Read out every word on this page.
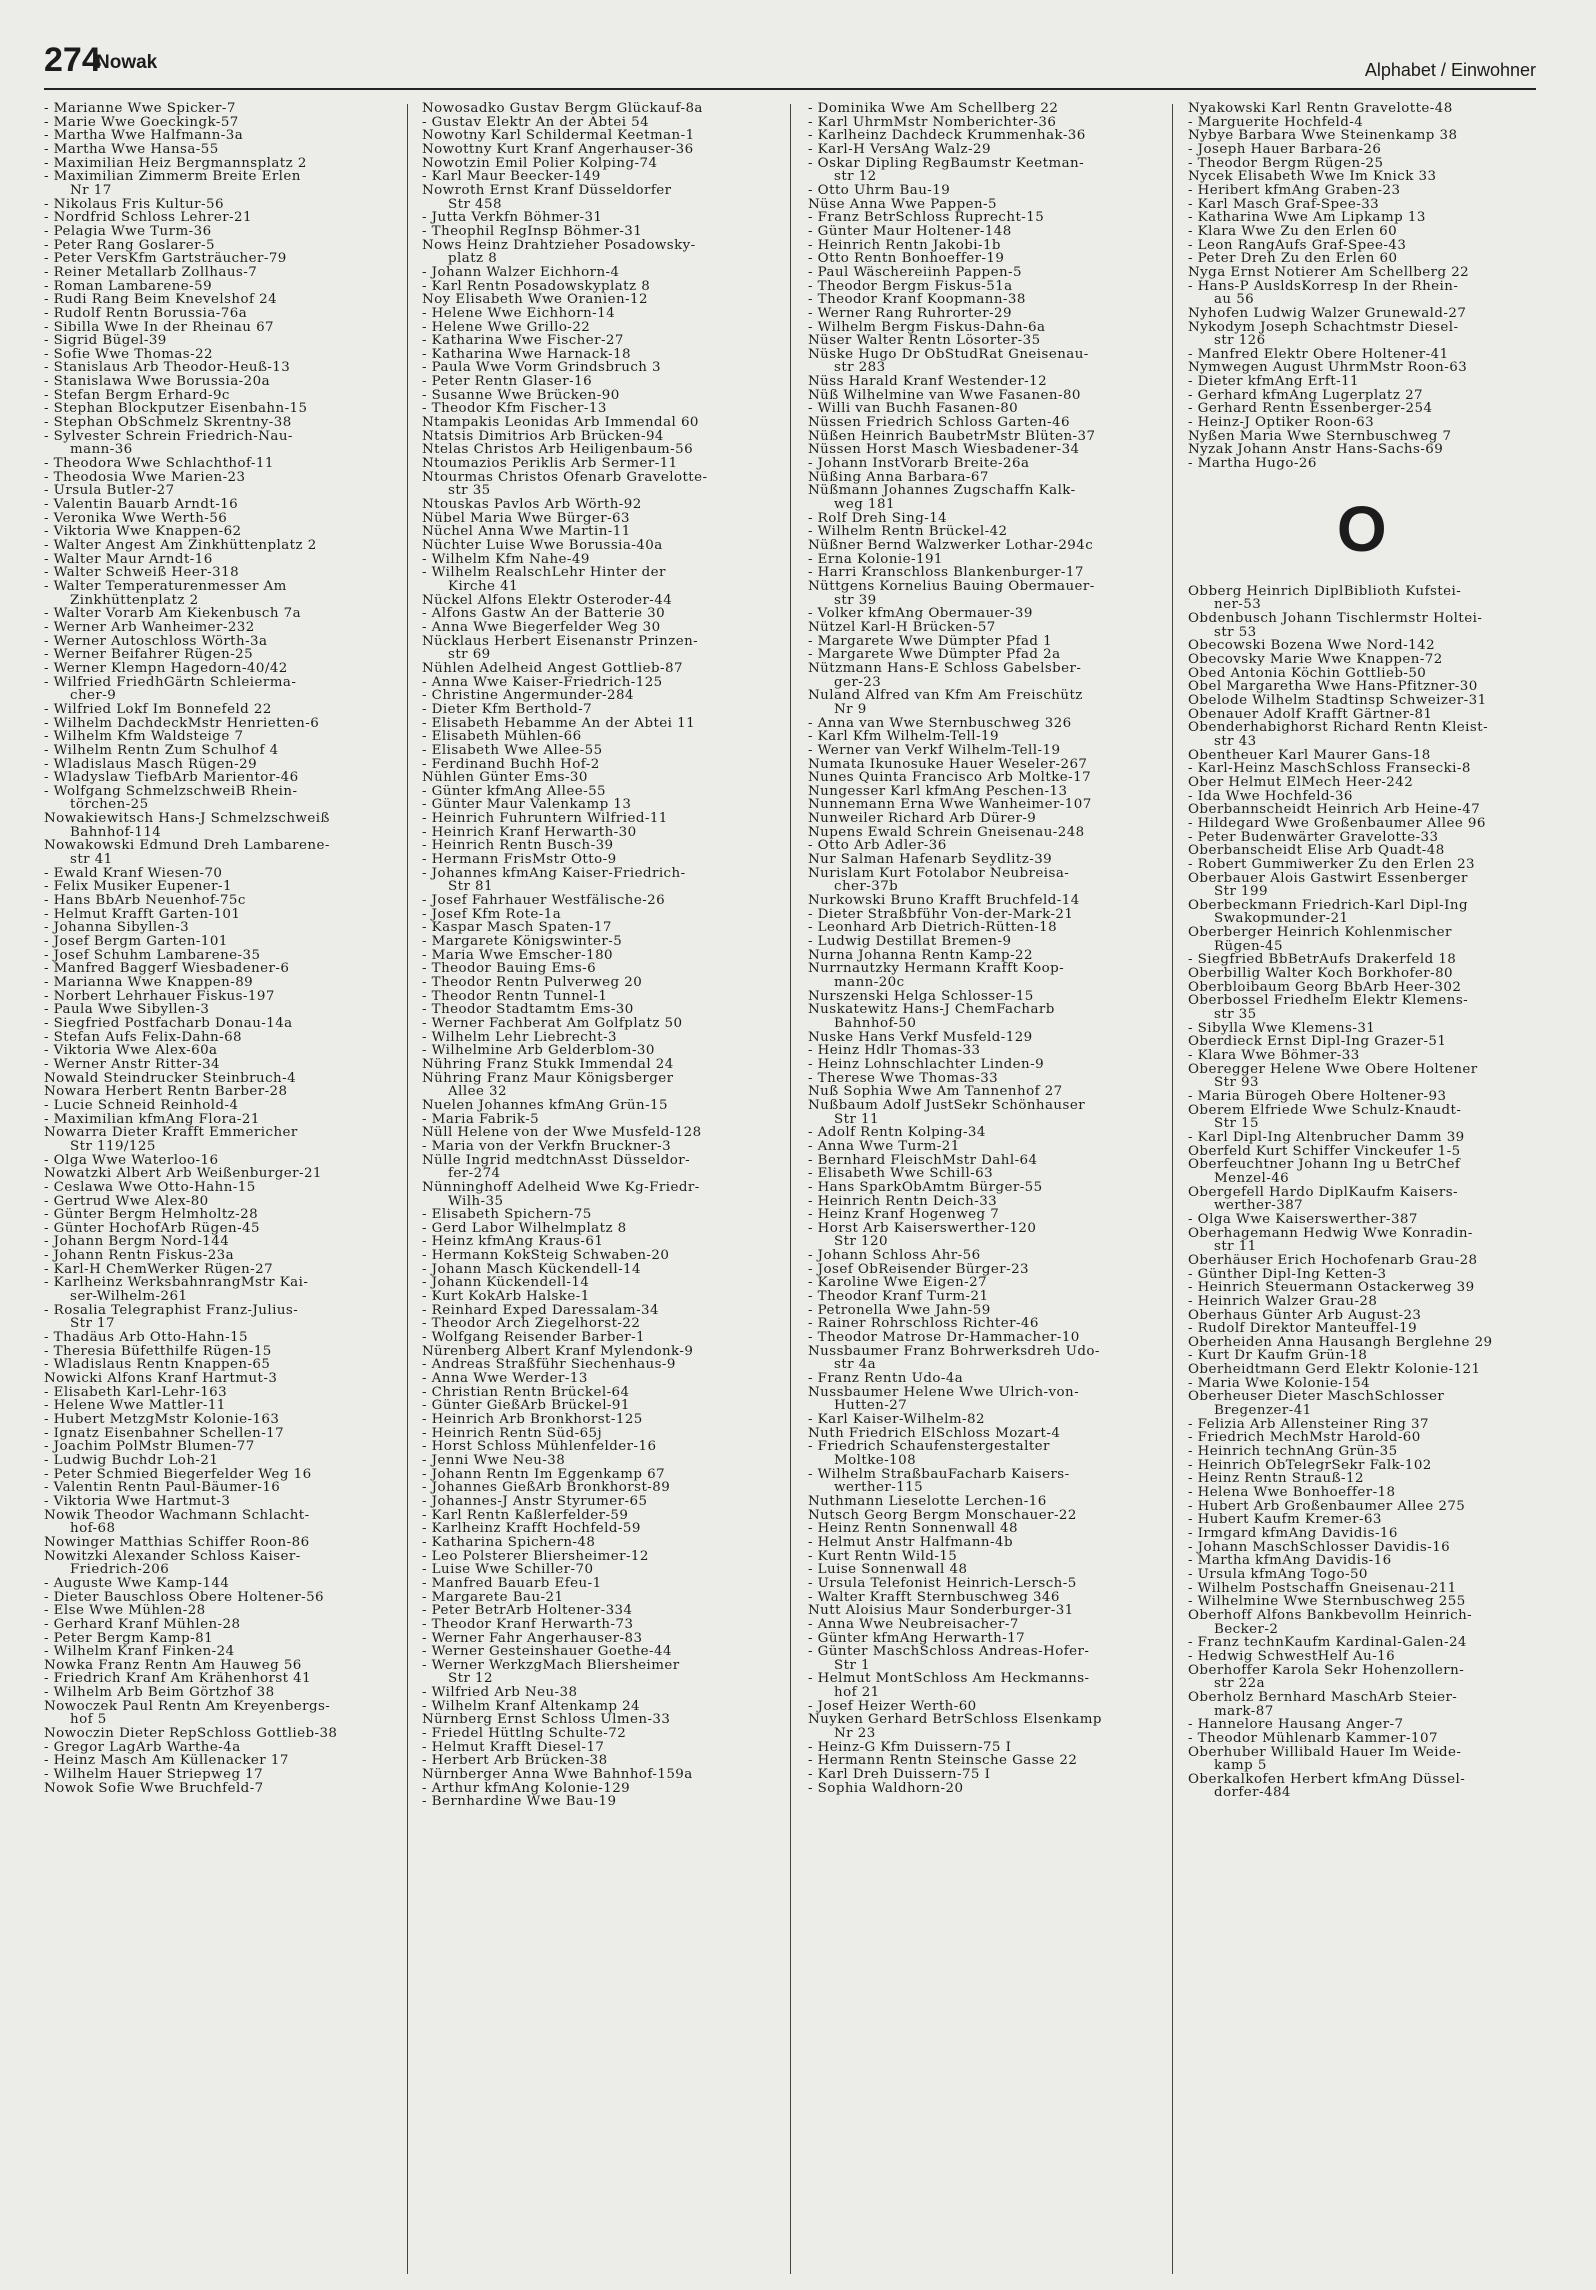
274
Nowak	Alphabet / Einwohner
- Marianne Wwe Spicker-7
- Marie Wwe Goeckingk-57
- Martha Wwe Halfmann-3a
- Martha Wwe Hansa-55
- Maximilian Heiz Bergmannsplatz 2
- Maximilian Zimmerm Breite Erlen
Nr 17
- Nikolaus Fris Kultur-56
- Nordfrid Schloss Lehrer-21
- Pelagia Wwe Turm-36
- Peter Rang Goslarer-5
- Peter VersKfm Gartsträucher-79
- Reiner Metallarb Zollhaus-7
- Roman Lambarene-59
- Rudi Rang Beim Knevelshof 24
- Rudolf Rentn Borussia-76a
- Sibilla Wwe In der Rheinau 67
- Sigrid Bügel-39
- Sofie Wwe Thomas-22
- Stanislaus Arb Theodor-Heuß-13
- Stanislawa Wwe Borussia-20a
- Stefan Bergm Erhard-9c
- Stephan Blockputzer Eisenbahn-15
- Stephan ObSchmelz Skrentny-38
- Sylvester Schrein Friedrich-Nau-
mann-36
- Theodora Wwe Schlachthof-11
- Theodosia Wwe Marien-23
- Ursula Butler-27
- Valentin Bauarb Arndt-16
- Veronika Wwe Werth-56
- Viktoria Wwe Knappen-62
- Walter Angest Am Zinkhüttenplatz 2
- Walter Maur Arndt-16
- Walter Schweiß Heer-318
- Walter Temperaturenmesser Am
Zinkhüttenplatz 2
- Walter Vorarb Am Kiekenbusch 7a
- Werner Arb Wanheimer-232
- Werner Autoschloss Wörth-3a
- Werner Beifahrer Rügen-25
- Werner Klempn Hagedorn-40/42
- Wilfried FriedhGärtn Schleierma-
cher-9
- Wilfried Lokf Im Bonnefeld 22
- Wilhelm DachdeckMstr Henrietten-6
- Wilhelm Kfm Waldsteige 7
- Wilhelm Rentn Zum Schulhof 4
- Wladislaus Masch Rügen-29
- Wladyslaw TiefbArb Marientor-46
- Wolfgang SchmelzschweiB Rhein-
törchen-25
Nowakiewitsch Hans-J Schmelzschweiß
Bahnhof-114
Nowakowski Edmund Dreh Lambarene-
str 41
- Ewald Kranf Wiesen-70
- Felix Musiker Eupener-1
- Hans BbArb Neuenhof-75c
- Helmut Krafft Garten-101
- Johanna Sibyllen-3
- Josef Bergm Garten-101
- Josef Schuhm Lambarene-35
- Manfred Baggerf Wiesbadener-6
- Marianna Wwe Knappen-89
- Norbert Lehrhauer Fiskus-197
- Paula Wwe Sibyllen-3
- Siegfried Postfacharb Donau-14a
- Stefan Aufs Felix-Dahn-68
- Viktoria Wwe Alex-60a
- Werner Anstr Ritter-34
Nowald Steindrucker Steinbruch-4
Nowara Herbert Rentn Barber-28
- Lucie Schneid Reinhold-4
- Maximilian kfmAng Flora-21
Nowarra Dieter Krafft Emmericher
Str 119/125
- Olga Wwe Waterloo-16
Nowatzki Albert Arb Weißenburger-21
- Ceslawa Wwe Otto-Hahn-15
- Gertrud Wwe Alex-80
- Günter Bergm Helmholtz-28
- Günter HochofArb Rügen-45
- Johann Bergm Nord-144
- Johann Rentn Fiskus-23a
- Karl-H ChemWerker Rügen-27
- Karlheinz WerksbahnrangMstr Kai-
ser-Wilhelm-261
- Rosalia Telegraphist Franz-Julius-
Str 17
- Thadäus Arb Otto-Hahn-15
- Theresia Büfetthilfe Rügen-15
- Wladislaus Rentn Knappen-65
Nowicki Alfons Kranf Hartmut-3
- Elisabeth Karl-Lehr-163
- Helene Wwe Mattler-11
- Hubert MetzgMstr Kolonie-163
- Ignatz Eisenbahner Schellen-17
- Joachim PolMstr Blumen-77
- Ludwig Buchdr Loh-21
- Peter Schmied Biegerfelder Weg 16
- Valentin Rentn Paul-Bäumer-16
- Viktoria Wwe Hartmut-3
Nowik Theodor Wachmann Schlacht-
hof-68
Nowinger Matthias Schiffer Roon-86
Nowitzki Alexander Schloss Kaiser-
Friedrich-206
- Auguste Wwe Kamp-144
- Dieter Bauschloss Obere Holtener-56
- Else Wwe Mühlen-28
- Gerhard Kranf Mühlen-28
- Peter Bergm Kamp-81
- Wilhelm Kranf Finken-24
Nowka Franz Rentn Am Hauweg 56
- Friedrich Kranf Am Krähenhorst 41
- Wilhelm Arb Beim Görtzhof 38
Nowoczek Paul Rentn Am Kreyenbergs-
hof 5
Nowoczin Dieter RepSchloss Gottlieb-38
- Gregor LagArb Warthe-4a
- Heinz Masch Am Küllenacker 17
- Wilhelm Hauer Striepweg 17
Nowok Sofie Wwe Bruchfeld-7
Nowosadko Gustav Bergm Glückauf-8a
- Gustav Elektr An der Abtei 54
Nowotny Karl Schildermal Keetman-1
Nowottny Kurt Kranf Angerhauser-36
Nowotzin Emil Polier Kolping-74
- Karl Maur Beecker-149
Nowroth Ernst Kranf Düsseldorfer
Str 458
- Jutta Verkfn Böhmer-31
- Theophil RegInsp Böhmer-31
Nows Heinz Drahtzieher Posadowsky-
platz 8
- Johann Walzer Eichhorn-4
- Karl Rentn Posadowskyplatz 8
Noy Elisabeth Wwe Oranien-12
- Helene Wwe Eichhorn-14
- Helene Wwe Grillo-22
- Katharina Wwe Fischer-27
- Katharina Wwe Harnack-18
- Paula Wwe Vorm Grindsbruch 3
- Peter Rentn Glaser-16
- Susanne Wwe Brücken-90
- Theodor Kfm Fischer-13
Ntampakis Leonidas Arb Immendal 60
Ntatsis Dimitrios Arb Brücken-94
Ntelas Christos Arb Heiligenbaum-56
Ntoumazios Periklis Arb Sermer-11
Ntourmas Christos Ofenarb Gravelotte-
str 35
Ntouskas Pavlos Arb Wörth-92
Nübel Maria Wwe Bürger-63
Nüchel Anna Wwe Martin-11
Nüchter Luise Wwe Borussia-40a
- Wilhelm Kfm Nahe-49
- Wilhelm RealschLehr Hinter der
Kirche 41
Nückel Alfons Elektr Osteroder-44
- Alfons Gastw An der Batterie 30
- Anna Wwe Biegerfelder Weg 30
Nücklaus Herbert Eisenanstr Prinzen-
str 69
Nühlen Adelheid Angest Gottlieb-87
- Anna Wwe Kaiser-Friedrich-125
- Christine Angermunder-284
- Dieter Kfm Berthold-7
- Elisabeth Hebamme An der Abtei 11
- Elisabeth Mühlen-66
- Elisabeth Wwe Allee-55
- Ferdinand Buchh Hof-2
Nühlen Günter Ems-30
- Günter kfmAng Allee-55
- Günter Maur Valenkamp 13
- Heinrich Fuhruntern Wilfried-11
- Heinrich Kranf Herwarth-30
- Heinrich Rentn Busch-39
- Hermann FrisMstr Otto-9
- Johannes kfmAng Kaiser-Friedrich-
Str 81
- Josef Fahrhauer Westfälische-26
- Josef Kfm Rote-1a
- Kaspar Masch Spaten-17
- Margarete Königswinter-5
- Maria Wwe Emscher-180
- Theodor Bauing Ems-6
- Theodor Rentn Pulverweg 20
- Theodor Rentn Tunnel-1
- Theodor Stadtamtm Ems-30
- Werner Fachberat Am Golfplatz 50
- Wilhelm Lehr Liebrecht-3
- Wilhelmine Arb Gelderblom-30
Nühring Franz Stukk Immendal 24
Nühring Franz Maur Königsberger
Allee 32
Nuelen Johannes kfmAng Grün-15
- Maria Fabrik-5
Nüll Helene von der Wwe Musfeld-128
- Maria von der Verkfn Bruckner-3
Nülle Ingrid medtchnAsst Düsseldor-
fer-274
Nünninghoff Adelheid Wwe Kg-Friedr-
Wilh-35
- Elisabeth Spichern-75
- Gerd Labor Wilhelmplatz 8
- Heinz kfmAng Kraus-61
- Hermann KokSteig Schwaben-20
- Johann Masch Kückendell-14
- Johann Kückendell-14
- Kurt KokArb Halske-1
- Reinhard Exped Daressalam-34
- Theodor Arch Ziegelhorst-22
- Wolfgang Reisender Barber-1
Nürenberg Albert Kranf Mylendonk-9
- Andreas Straßführ Siechenhaus-9
- Anna Wwe Werder-13
- Christian Rentn Brückel-64
- Günter GießArb Brückel-91
- Heinrich Arb Bronkhorst-125
- Heinrich Rentn Süd-65j
- Horst Schloss Mühlenfelder-16
- Jenni Wwe Neu-38
- Johann Rentn Im Eggenkamp 67
- Johannes GießArb Bronkhorst-89
- Johannes-J Anstr Styrumer-65
- Karl Rentn Kaßlerfelder-59
- Karlheinz Krafft Hochfeld-59
- Katharina Spichern-48
- Leo Polsterer Bliersheimer-12
- Luise Wwe Schiller-70
- Manfred Bauarb Efeu-1
- Margarete Bau-21
- Peter BetrArb Holtener-334
- Theodor Kranf Herwarth-73
- Werner Fahr Angerhauser-83
- Werner Gesteinshauer Goethe-44
- Werner WerkzgMach Bliersheimer
Str 12
- Wilfried Arb Neu-38
- Wilhelm Kranf Altenkamp 24
Nürnberg Ernst Schloss Ulmen-33
- Friedel Hüttlng Schulte-72
- Helmut Krafft Diesel-17
- Herbert Arb Brücken-38
Nürnberger Anna Wwe Bahnhof-159a
- Arthur kfmAng Kolonie-129
- Bernhardine Wwe Bau-19
- Dominika Wwe Am Schellberg 22
- Karl UhrmMstr Nomberichter-36
- Karlheinz Dachdeck Krummenhak-36
- Karl-H VersAng Walz-29
- Oskar Dipling RegBaumstr Keetman-
str 12
- Otto Uhrm Bau-19
Nüse Anna Wwe Pappen-5
- Franz BetrSchloss Ruprecht-15
- Günter Maur Holtener-148
- Heinrich Rentn Jakobi-1b
- Otto Rentn Bonhoeffer-19
- Paul Wäschereiinh Pappen-5
- Theodor Bergm Fiskus-51a
- Theodor Kranf Koopmann-38
- Werner Rang Ruhrorter-29
- Wilhelm Bergm Fiskus-Dahn-6a
Nüser Walter Rentn Lösorter-35
Nüske Hugo Dr ObStudRat Gneisenau-
str 283
Nüss Harald Kranf Westender-12
Nüß Wilhelmine van Wwe Fasanen-80
- Willi van Buchh Fasanen-80
Nüssen Friedrich Schloss Garten-46
Nüßen Heinrich BaubetrMstr Blüten-37
Nüssen Horst Masch Wiesbadener-34
- Johann InstVorarb Breite-26a
Nüßing Anna Barbara-67
Nüßmann Johannes Zugschaffn Kalk-
weg 181
- Rolf Dreh Sing-14
- Wilhelm Rentn Brückel-42
Nüßner Bernd Walzwerker Lothar-294c
- Erna Kolonie-191
- Harri Kranschloss Blankenburger-17
Nüttgens Kornelius Bauing Obermauer-
str 39
- Volker kfmAng Obermauer-39
Nützel Karl-H Brücken-57
- Margarete Wwe Dümpter Pfad 1
- Margarete Wwe Dümpter Pfad 2a
Nützmann Hans-E Schloss Gabelsber-
ger-23
Nuland Alfred van Kfm Am Freischütz
Nr 9
- Anna van Wwe Sternbuschweg 326
- Karl Kfm Wilhelm-Tell-19
- Werner van Verkf Wilhelm-Tell-19
Numata Ikunosuke Hauer Weseler-267
Nunes Quinta Francisco Arb Moltke-17
Nungesser Karl kfmAng Peschen-13
Nunnemann Erna Wwe Wanheimer-107
Nunweiler Richard Arb Dürer-9
Nupens Ewald Schrein Gneisenau-248
- Otto Arb Adler-36
Nur Salman Hafenarb Seydlitz-39
Nurislam Kurt Fotolabor Neubreisa-
cher-37b
Nurkowski Bruno Krafft Bruchfeld-14
- Dieter Straßbführ Von-der-Mark-21
- Leonhard Arb Dietrich-Rütten-18
- Ludwig Destillat Bremen-9
Nurna Johanna Rentn Kamp-22
Nurrnautzky Hermann Krafft Koop-
mann-20c
Nurszenski Helga Schlosser-15
Nuskatewitz Hans-J ChemFacharb
Bahnhof-50
Nuske Hans Verkf Musfeld-129
- Heinz Hdlr Thomas-33
- Heinz Lohnschlachter Linden-9
- Therese Wwe Thomas-33
Nuß Sophia Wwe Am Tannenhof 27
Nußbaum Adolf JustSekr Schönhauser
Str 11
- Adolf Rentn Kolping-34
- Anna Wwe Turm-21
- Bernhard FleischMstr Dahl-64
- Elisabeth Wwe Schill-63
- Hans SparkObAmtm Bürger-55
- Heinrich Rentn Deich-33
- Heinz Kranf Hogenweg 7
- Horst Arb Kaiserswerther-120
Str 120
- Johann Schloss Ahr-56
- Josef ObReisender Bürger-23
- Karoline Wwe Eigen-27
- Theodor Kranf Turm-21
- Petronella Wwe Jahn-59
- Rainer Rohrschloss Richter-46
- Theodor Matrose Dr-Hammacher-10
Nussbaumer Franz Bohrwerksdreh Udo-
str 4a
- Franz Rentn Udo-4a
Nussbaumer Helene Wwe Ulrich-von-
Hutten-27
- Karl Kaiser-Wilhelm-82
Nuth Friedrich ElSchloss Mozart-4
- Friedrich Schaufenstergestalter
Moltke-108
- Wilhelm StraßbauFacharb Kaisers-
werther-115
Nuthmann Lieselotte Lerchen-16
Nutsch Georg Bergm Monschauer-22
- Heinz Rentn Sonnenwall 48
- Helmut Anstr Halfmann-4b
- Kurt Rentn Wild-15
- Luise Sonnenwall 48
- Ursula Telefonist Heinrich-Lersch-5
- Walter Krafft Sternbuschweg 346
Nutt Aloisius Maur Sonderburger-31
- Anna Wwe Neubreisacher-7
- Günter kfmAng Herwarth-17
- Günter MaschSchloss Andreas-Hofer-
Str 1
- Helmut MontSchloss Am Heckmanns-
hof 21
- Josef Heizer Werth-60
Nuyken Gerhard BetrSchloss Elsenkamp
Nr 23
- Heinz-G Kfm Duissern-75 I
- Hermann Rentn Steinsche Gasse 22
- Karl Dreh Duissern-75 I
- Sophia Waldhorn-20
Nyakowski Karl Rentn Gravelotte-48
- Marguerite Hochfeld-4
Nybye Barbara Wwe Steinenkamp 38
- Joseph Hauer Barbara-26
- Theodor Bergm Rügen-25
Nycek Elisabeth Wwe Im Knick 33
- Heribert kfmAng Graben-23
- Karl Masch Graf-Spee-33
- Katharina Wwe Am Lipkamp 13
- Klara Wwe Zu den Erlen 60
- Leon RangAufs Graf-Spee-43
- Peter Dreh Zu den Erlen 60
Nyga Ernst Notierer Am Schellberg 22
- Hans-P AusldsKorresp In der Rhein-
au 56
Nyhofen Ludwig Walzer Grunewald-27
Nykodym Joseph Schachtmstr Diesel-
str 126
- Manfred Elektr Obere Holtener-41
Nymwegen August UhrmMstr Roon-63
- Dieter kfmAng Erft-11
- Gerhard kfmAng Lugerplatz 27
- Gerhard Rentn Essenberger-254
- Heinz-J Optiker Roon-63
Nyßen Maria Wwe Sternbuschweg 7
Nyzak Johann Anstr Hans-Sachs-69
- Martha Hugo-26
O
Obberg Heinrich DiplBiblioth Kufstei-
ner-53
Obdenbusch Johann Tischlermstr Holtei-
str 53
Obecowski Bozena Wwe Nord-142
Obecovsky Marie Wwe Knappen-72
Obed Antonia Köchin Gottlieb-50
Obel Margaretha Wwe Hans-Pfitzner-30
Obelode Wilhelm Stadtinsp Schweizer-31
Obenauer Adolf Krafft Gärtner-81
Obenderhabighorst Richard Rentn Kleist-
str 43
Obentheuer Karl Maurer Gans-18
- Karl-Heinz MaschSchloss Fransecki-8
Ober Helmut ElMech Heer-242
- Ida Wwe Hochfeld-36
Oberbannscheidt Heinrich Arb Heine-47
- Hildegard Wwe Großenbaumer Allee 96
- Peter Budenwärter Gravelotte-33
Oberbanscheidt Elise Arb Quadt-48
- Robert Gummiwerker Zu den Erlen 23
Oberbauer Alois Gastwirt Essenberger
Str 199
Oberbeckmann Friedrich-Karl Dipl-Ing
Swakopmunder-21
Oberberger Heinrich Kohlenmischer
Rügen-45
- Siegfried BbBetrAufs Drakerfeld 18
Oberbillig Walter Koch Borkhofer-80
Oberbloibaum Georg BbArb Heer-302
Oberbossel Friedhelm Elektr Klemens-
str 35
- Sibylla Wwe Klemens-31
Oberdieck Ernst Dipl-Ing Grazer-51
- Klara Wwe Böhmer-33
Oberegger Helene Wwe Obere Holtener
Str 93
- Maria Bürogeh Obere Holtener-93
Oberem Elfriede Wwe Schulz-Knaudt-
Str 15
- Karl Dipl-Ing Altenbrucher Damm 39
Oberfeld Kurt Schiffer Vinckeufer 1-5
Oberfeuchtner Johann Ing u BetrChef
Menzel-46
Obergefell Hardo DiplKaufm Kaisers-
werther-387
- Olga Wwe Kaiserswerther-387
Oberhagemann Hedwig Wwe Konradin-
str 11
Oberhäuser Erich Hochofenarb Grau-28
- Günther Dipl-Ing Ketten-3
- Heinrich Steuermann Ostackerweg 39
- Heinrich Walzer Grau-28
Oberhaus Günter Arb August-23
- Rudolf Direktor Manteuffel-19
Oberheiden Anna Hausangh Berglehne 29
- Kurt Dr Kaufm Grün-18
Oberheidtmann Gerd Elektr Kolonie-121
- Maria Wwe Kolonie-154
Oberheuser Dieter MaschSchlosser
Bregenzer-41
- Felizia Arb Allensteiner Ring 37
- Friedrich MechMstr Harold-60
- Heinrich technAng Grün-35
- Heinrich ObTelegrSekr Falk-102
- Heinz Rentn Strauß-12
- Helena Wwe Bonhoeffer-18
- Hubert Arb Großenbaumer Allee 275
- Hubert Kaufm Kremer-63
- Irmgard kfmAng Davidis-16
- Johann MaschSchlosser Davidis-16
- Martha kfmAng Davidis-16
- Ursula kfmAng Togo-50
- Wilhelm Postschaffn Gneisenau-211
- Wilhelmine Wwe Sternbuschweg 255
Oberhoff Alfons Bankbevollm Heinrich-
Becker-2
- Franz technKaufm Kardinal-Galen-24
- Hedwig SchwestHelf Au-16
Oberhoffer Karola Sekr Hohenzollern-
str 22a
Oberholz Bernhard MaschArb Steier-
mark-87
- Hannelore Hausang Anger-7
- Theodor Mühlenarb Kammer-107
Oberhuber Willibald Hauer Im Weide-
kamp 5
Oberkalkofen Herbert kfmAng Düssel-
dorfer-484
